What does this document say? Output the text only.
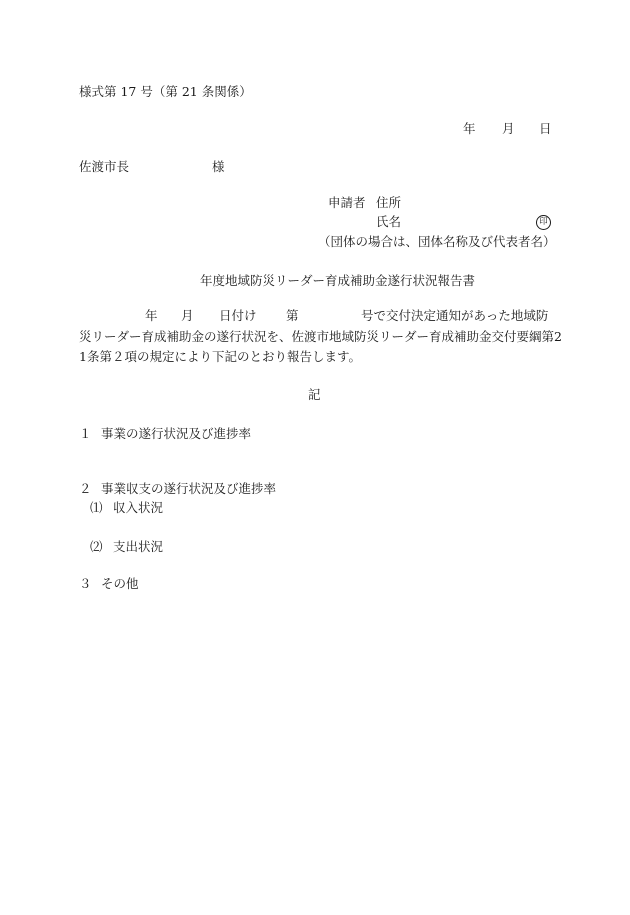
様式第 17 号（第 21 条関係）
年 月 日
佐渡市長	様
申請者 住所
氏名	印
（団体の場合は、団体名称及び代表者名）
年度地域防災リーダー育成補助金遂行状況報告書
年 月 日付け 第	号で交付決定通知があった地域防
災リーダー育成補助金の遂行状況を、佐渡市地域防災リーダー育成補助金交付要綱第2
1条第２項の規定により下記のとおり報告します。
記
１ 事業の遂行状況及び進捗率
２ 事業収支の遂行状況及び進捗率
⑴ 収入状況
⑵ 支出状況
３ その他
